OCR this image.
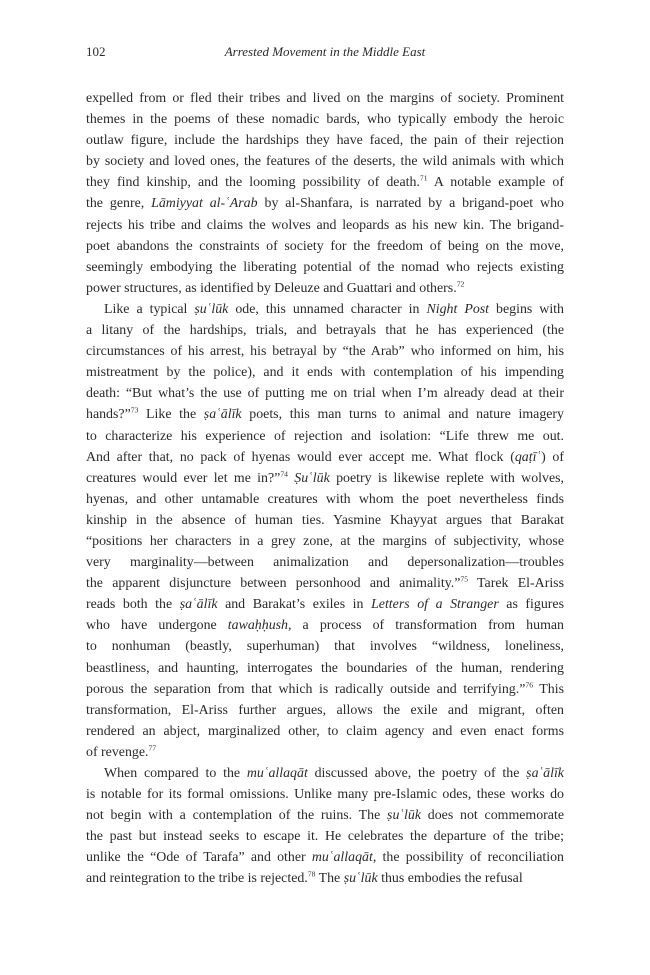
102	Arrested Movement in the Middle East
expelled from or fled their tribes and lived on the margins of society. Prominent
themes in the poems of these nomadic bards, who typically embody the heroic
outlaw figure, include the hardships they have faced, the pain of their rejection
by society and loved ones, the features of the deserts, the wild animals with which
they find kinship, and the looming possibility of death.$^{71}$ A notable example of
the genre, Lāmiyyat al-ʿArab by al-Shanfara, is narrated by a brigand-poet who
rejects his tribe and claims the wolves and leopards as his new kin. The brigand-
poet abandons the constraints of society for the freedom of being on the move,
seemingly embodying the liberating potential of the nomad who rejects existing
power structures, as identified by Deleuze and Guattari and others.$^{72}$
Like a typical ṣuʿlūk ode, this unnamed character in Night Post begins with
a litany of the hardships, trials, and betrayals that he has experienced (the
circumstances of his arrest, his betrayal by “the Arab” who informed on him, his
mistreatment by the police), and it ends with contemplation of his impending
death: “But what’s the use of putting me on trial when I’m already dead at their
hands?”$^{73}$ Like the ṣaʿālīk poets, this man turns to animal and nature imagery
to characterize his experience of rejection and isolation: “Life threw me out.
And after that, no pack of hyenas would ever accept me. What flock (qaṭīʿ) of
creatures would ever let me in?”$^{74}$ Ṣuʿlūk poetry is likewise replete with wolves,
hyenas, and other untamable creatures with whom the poet nevertheless finds
kinship in the absence of human ties. Yasmine Khayyat argues that Barakat
“positions her characters in a grey zone, at the margins of subjectivity, whose
very marginality—between animalization and depersonalization—troubles
the apparent disjuncture between personhood and animality.”$^{75}$ Tarek El-Ariss
reads both the ṣaʿālīk and Barakat’s exiles in Letters of a Stranger as figures
who have undergone tawaḥḥush, a process of transformation from human
to nonhuman (beastly, superhuman) that involves “wildness, loneliness,
beastliness, and haunting, interrogates the boundaries of the human, rendering
porous the separation from that which is radically outside and terrifying.”$^{76}$ This
transformation, El-Ariss further argues, allows the exile and migrant, often
rendered an abject, marginalized other, to claim agency and even enact forms
of revenge.$^{77}$
When compared to the muʿallaqāt discussed above, the poetry of the ṣaʿālīk
is notable for its formal omissions. Unlike many pre-Islamic odes, these works do
not begin with a contemplation of the ruins. The ṣuʿlūk does not commemorate
the past but instead seeks to escape it. He celebrates the departure of the tribe;
unlike the “Ode of Tarafa” and other muʿallaqāt, the possibility of reconciliation
and reintegration to the tribe is rejected.$^{78}$ The ṣuʿlūk thus embodies the refusal
